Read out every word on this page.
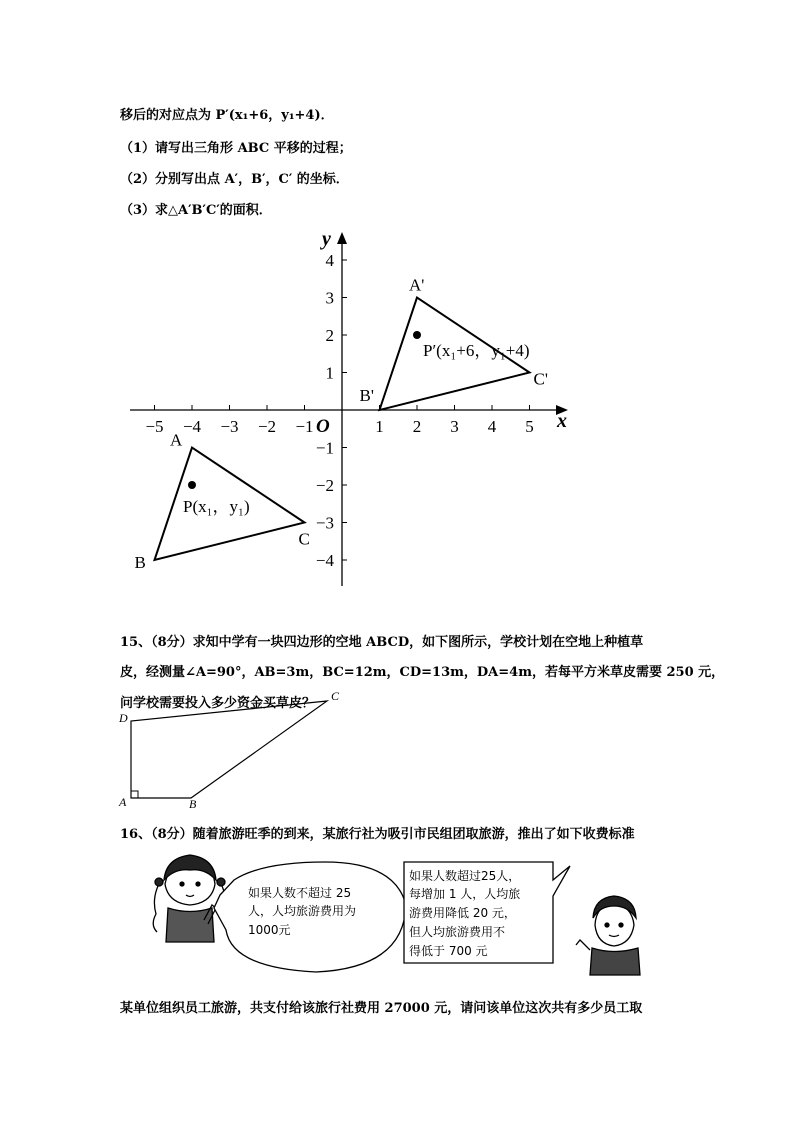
移后的对应点为 P′(x₁+6，y₁+4)．
（1）请写出三角形 ABC 平移的过程；
（2）分别写出点 A′，B′，C′ 的坐标．
（3）求△A′B′C′的面积．
x
y
O
−5 −4 −3 −2 −1	1 2 3 4 5
4
3
2
1
−1
−2
−3
−4
A
B
C
A'
B'
C'
P(x₁，y₁)
P′(x₁+6，y₁+4)
15、（8分）求知中学有一块四边形的空地 ABCD，如下图所示，学校计划在空地上种植草
皮，经测量∠A=90°，AB=3m，BC=12m，CD=13m，DA=4m，若每平方米草皮需要 250 元，
问学校需要投入多少资金买草皮？
A	B
C
D
16、（8分）随着旅游旺季的到来，某旅行社为吸引市民组团取旅游，推出了如下收费标准
如果人数不超过 25
人，人均旅游费用为
1000元
如果人数超过25人，
每增加 1 人，人均旅
游费用降低 20 元，
但人均旅游费用不
得低于 700 元
某单位组织员工旅游，共支付给该旅行社费用 27000 元，请问该单位这次共有多少员工取
